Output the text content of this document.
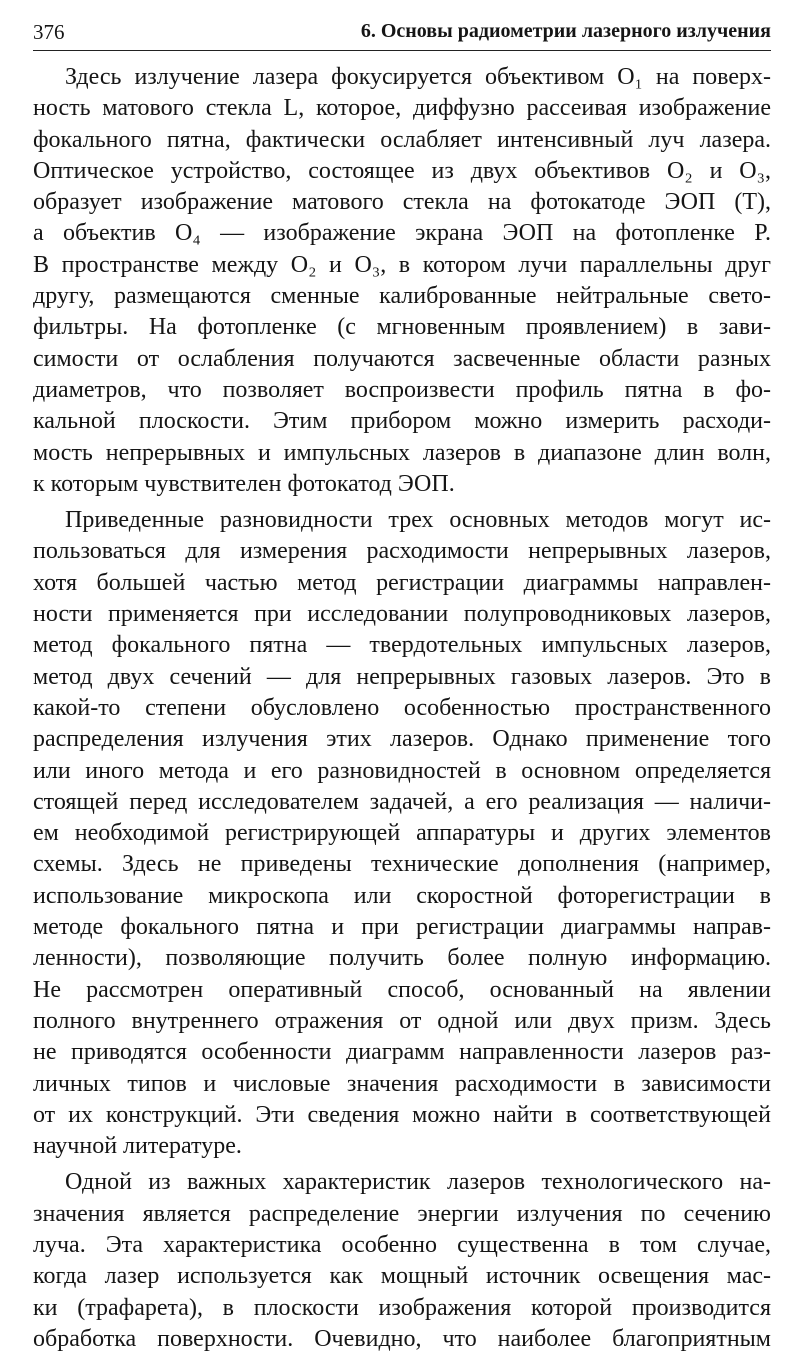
376	6. Основы радиометрии лазерного излучения
Здесь излучение лазера фокусируется объективом O₁ на поверх-
ность матового стекла L, которое, диффузно рассеивая изображение
фокального пятна, фактически ослабляет интенсивный луч лазера.
Оптическое устройство, состоящее из двух объективов O₂ и O₃,
образует изображение матового стекла на фотокатоде ЭОП (T),
а объектив O₄ — изображение экрана ЭОП на фотопленке P.
В пространстве между O₂ и O₃, в котором лучи параллельны друг
другу, размещаются сменные калиброванные нейтральные свето-
фильтры. На фотопленке (с мгновенным проявлением) в зави-
симости от ослабления получаются засвеченные области разных
диаметров, что позволяет воспроизвести профиль пятна в фо-
кальной плоскости. Этим прибором можно измерить расходи-
мость непрерывных и импульсных лазеров в диапазоне длин волн,
к которым чувствителен фотокатод ЭОП.
Приведенные разновидности трех основных методов могут ис-
пользоваться для измерения расходимости непрерывных лазеров,
хотя большей частью метод регистрации диаграммы направлен-
ности применяется при исследовании полупроводниковых лазеров,
метод фокального пятна — твердотельных импульсных лазеров,
метод двух сечений — для непрерывных газовых лазеров. Это в
какой-то степени обусловлено особенностью пространственного
распределения излучения этих лазеров. Однако применение того
или иного метода и его разновидностей в основном определяется
стоящей перед исследователем задачей, а его реализация — наличи-
ем необходимой регистрирующей аппаратуры и других элементов
схемы. Здесь не приведены технические дополнения (например,
использование микроскопа или скоростной фоторегистрации в
методе фокального пятна и при регистрации диаграммы направ-
ленности), позволяющие получить более полную информацию.
Не рассмотрен оперативный способ, основанный на явлении
полного внутреннего отражения от одной или двух призм. Здесь
не приводятся особенности диаграмм направленности лазеров раз-
личных типов и числовые значения расходимости в зависимости
от их конструкций. Эти сведения можно найти в соответствующей
научной литературе.
Одной из важных характеристик лазеров технологического на-
значения является распределение энергии излучения по сечению
луча. Эта характеристика особенно существенна в том случае,
когда лазер используется как мощный источник освещения мас-
ки (трафарета), в плоскости изображения которой производится
обработка поверхности. Очевидно, что наиболее благоприятным
